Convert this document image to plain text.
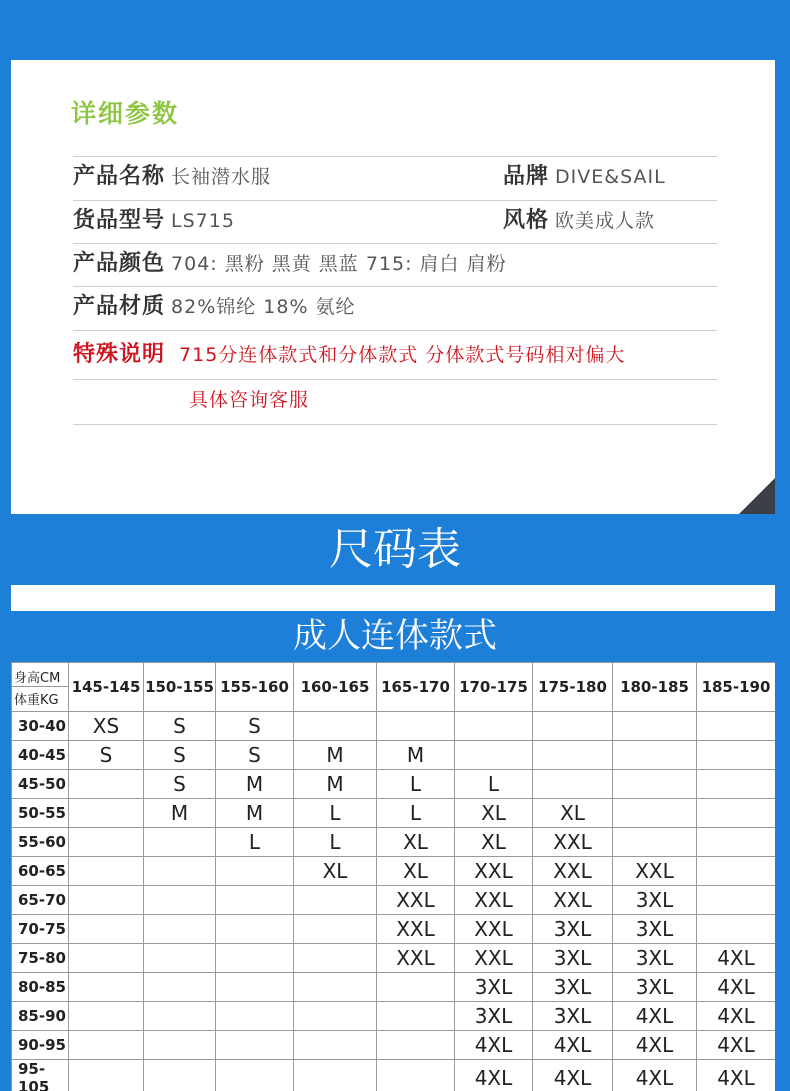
详细参数
产品名称 长袖潜水服	品牌 DIVE&SAIL
货品型号 LS715	风格 欧美成人款
产品颜色 704: 黑粉 黑黄 黑蓝 715: 肩白 肩粉
产品材质 82%锦纶 18% 氨纶
特殊说明 715分连体款式和分体款式 分体款式号码相对偏大
具体咨询客服
尺码表
成人连体款式
身高CM
体重KG	145-145	150-155	155-160	160-165	165-170	170-175	175-180	180-185	185-190
30-40	XS	S	S						
40-45	S	S	S	M	M				
45-50		S	M	M	L	L			
50-55		M	M	L	L	XL	XL		
55-60			L	L	XL	XL	XXL		
60-65				XL	XL	XXL	XXL	XXL	
65-70					XXL	XXL	XXL	3XL	
70-75					XXL	XXL	3XL	3XL	
75-80					XXL	XXL	3XL	3XL	4XL
80-85						3XL	3XL	3XL	4XL
85-90						3XL	3XL	4XL	4XL
90-95						4XL	4XL	4XL	4XL
95-105						4XL	4XL	4XL	4XL
